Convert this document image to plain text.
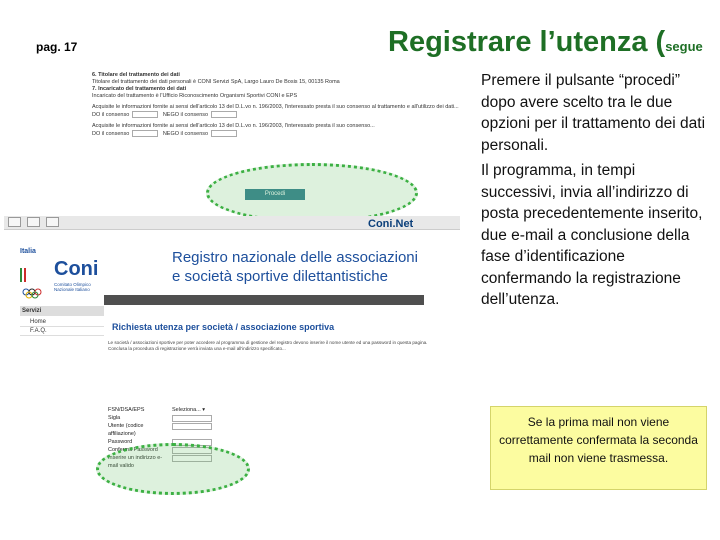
pag. 17	Registrare l’utenza (segue
6. Titolare del trattamento dei dati
Titolare del trattamento dei dati personali è CONI Servizi SpA, Largo Lauro De Bosis 15, 00135 Roma
7. Incaricato del trattamento dei dati
Incaricato del trattamento è l'Ufficio Riconoscimento Organismi Sportivi CONI e EPS
Acquisite le informazioni fornite ai sensi dell'articolo 13 del D.L.vo n. 196/2003, l'interessato presta il suo consenso al trattamento e all'utilizzo dei dati...
DO il consenso	NEGO il consenso
Acquisite le informazioni fornite ai sensi dell'articolo 13 del D.L.vo n. 196/2003, l'interessato presta il suo consenso...
DO il consenso	NEGO il consenso
Procedi

Coni.Net
Italia
Coni
Comitato Olimpico Nazionale Italiano
Registro nazionale delle associazioni
e società sportive dilettantistiche
Servizi
Home
F.A.Q.	Richiesta utenza per società / associazione sportiva
Le società / associazioni sportive per poter accedere al programma di gestione del registro devono inserire il nome utente ed una password in questa pagina. Conclusa la procedura di registrazione verrà inviata una e-mail all'indirizzo specificato...
FSN/DSA/EPS	Seleziona... ▾
Sigla
Utente (codice affiliazione)
Password
Conferma Password
Inserire un indirizzo e-mail valido

Premere il pulsante “procedi” dopo avere scelto tra le due opzioni per il trattamento dei dati personali.

Il programma, in tempi successivi, invia all’indirizzo di posta precedentemente inserito, due e-mail a conclusione della fase d’identificazione confermando la registrazione dell’utenza.

Se la prima mail non viene correttamente confermata la seconda mail non viene trasmessa.
